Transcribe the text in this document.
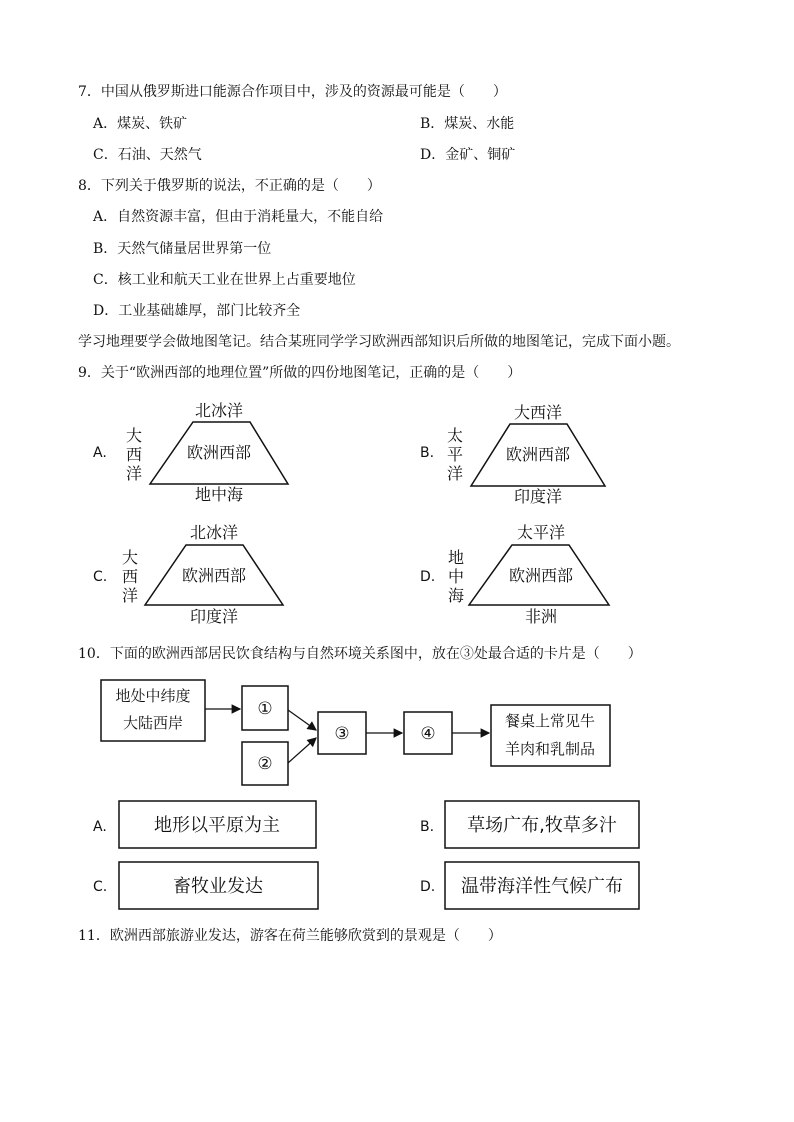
7．中国从俄罗斯进口能源合作项目中，涉及的资源最可能是（　　）
A．煤炭、铁矿	B．煤炭、水能
C．石油、天然气	D．金矿、铜矿
8．下列关于俄罗斯的说法，不正确的是（　　）
A．自然资源丰富，但由于消耗量大，不能自给
B．天然气储量居世界第一位
C．核工业和航天工业在世界上占重要地位
D．工业基础雄厚，部门比较齐全
学习地理要学会做地图笔记。结合某班同学学习欧洲西部知识后所做的地图笔记，完成下面小题。
9．关于“欧洲西部的地理位置”所做的四份地图笔记，正确的是（　　）
A.
大
西
洋
北冰洋
欧洲西部
地中海
B.
太
平
洋
大西洋
欧洲西部
印度洋
C.
大
西
洋
北冰洋
欧洲西部
印度洋
D.
地
中
海
太平洋
欧洲西部
非洲
地处中纬度
大陆西岸
①
②
③	④
餐桌上常见牛
羊肉和乳制品
A.	地形以平原为主	B. 草场广布,牧草多汁
C.	畜牧业发达	D. 温带海洋性气候广布
10．下面的欧洲西部居民饮食结构与自然环境关系图中，放在③处最合适的卡片是（　　）
11．欧洲西部旅游业发达，游客在荷兰能够欣赏到的景观是（　　）
